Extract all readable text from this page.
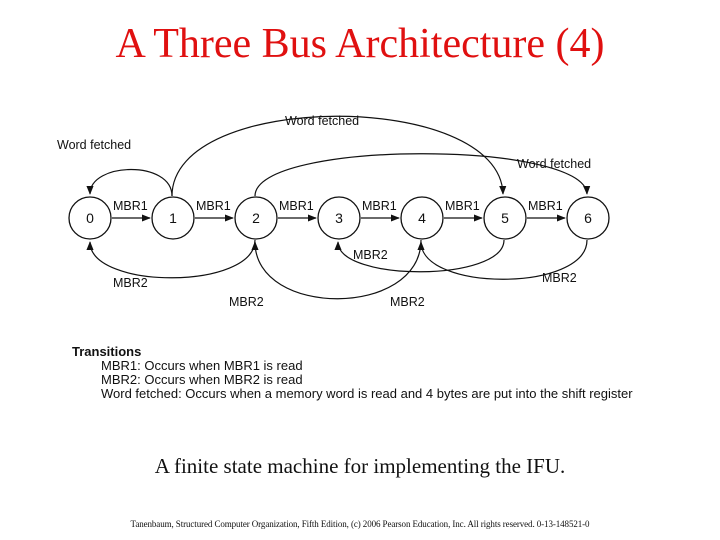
A Three Bus Architecture (4)
0	1	2	3	4	5	6
MBR1	MBR1	MBR1	MBR1	MBR1	MBR1
Word fetched
Word fetched
Word fetched
MBR2
MBR2
MBR2
MBR2
MBR2
Transitions
MBR1: Occurs when MBR1 is read
MBR2: Occurs when MBR2 is read
Word fetched: Occurs when a memory word is read and 4 bytes are put into the shift register
A finite state machine for implementing the IFU.
Tanenbaum, Structured Computer Organization, Fifth Edition, (c) 2006 Pearson Education, Inc. All rights reserved. 0-13-148521-0
